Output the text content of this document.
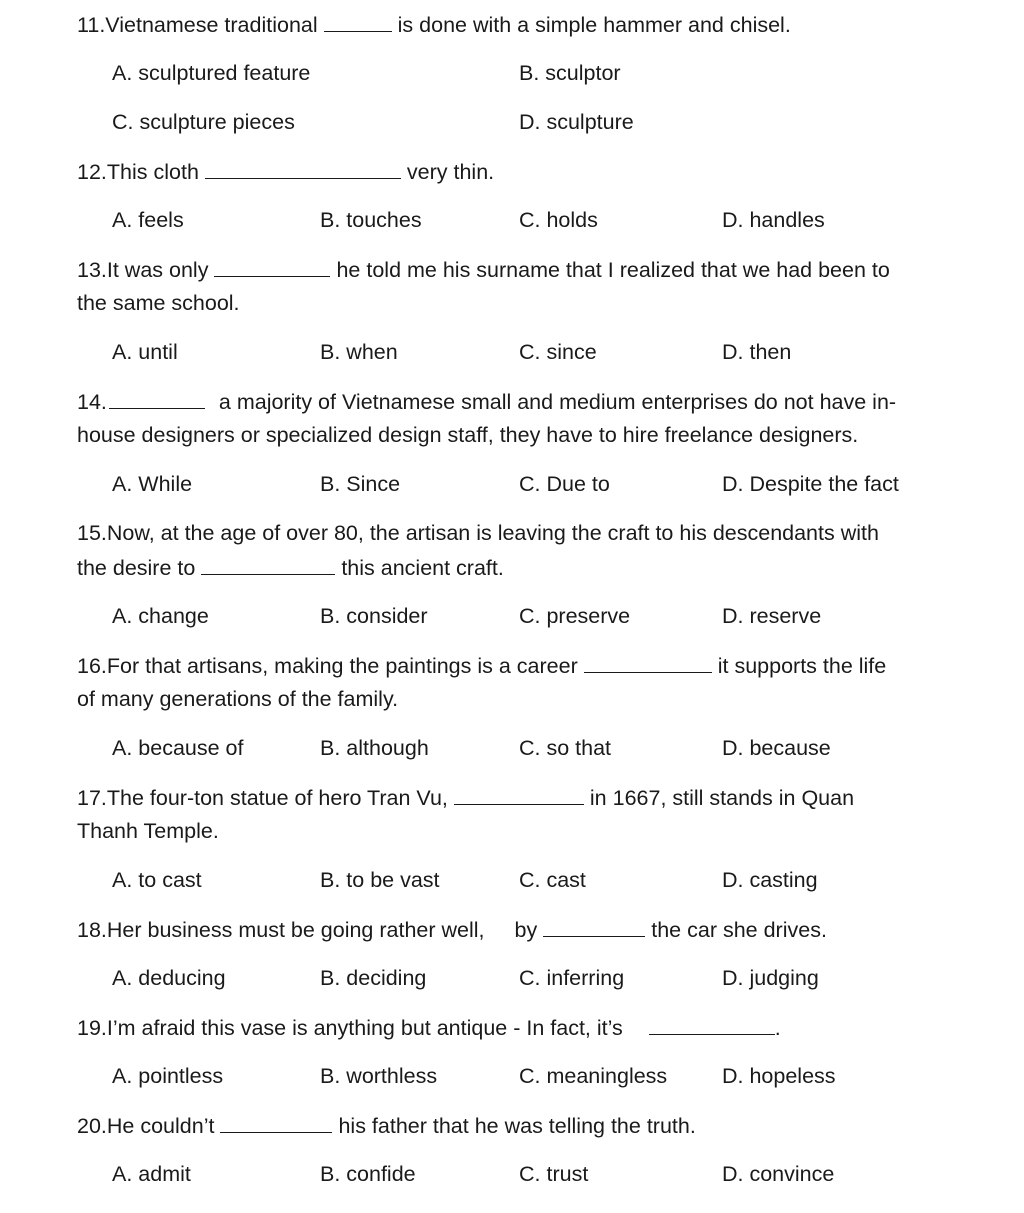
11.Vietnamese traditional	is done with a simple hammer and chisel.
A. sculptured feature	B. sculptor
C. sculpture pieces	D. sculpture
12.This cloth	very thin.
A. feels	B. touches	C. holds	D. handles
13.It was only	he told me his surname that I realized that we had been to
the same school.
A. until	B. when	C. since	D. then
14.	a majority of Vietnamese small and medium enterprises do not have in-
house designers or specialized design staff, they have to hire freelance designers.
A. While	B. Since	C. Due to	D. Despite the fact
15.Now, at the age of over 80, the artisan is leaving the craft to his descendants with
the desire to	this ancient craft.
A. change	B. consider	C. preserve	D. reserve
16.For that artisans, making the paintings is a career	it supports the life
of many generations of the family.
A. because of	B. although	C. so that	D. because
17.The four-ton statue of hero Tran Vu,	in 1667, still stands in Quan
Thanh Temple.
A. to cast	B. to be vast	C. cast	D. casting
18.Her business must be going rather well, by	the car she drives.
A. deducing	B. deciding	C. inferring	D. judging
19.I’m afraid this vase is anything but antique - In fact, it’s	.
A. pointless	B. worthless	C. meaningless	D. hopeless
20.He couldn’t	his father that he was telling the truth.
A. admit	B. confide	C. trust	D. convince
